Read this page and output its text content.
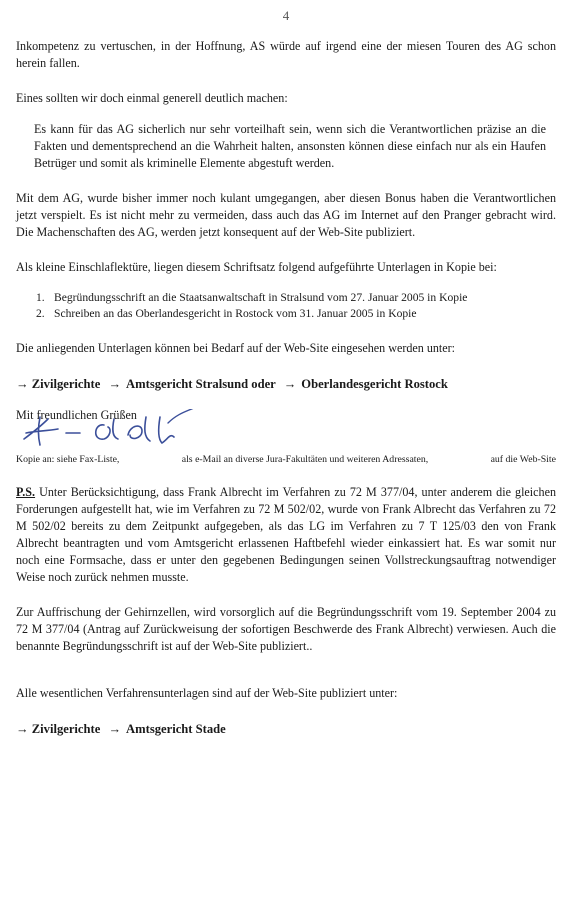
4

Inkompetenz zu vertuschen, in der Hoffnung, AS würde auf irgend eine der miesen Touren des AG schon herein fallen.

Eines sollten wir doch einmal generell deutlich machen:

Es kann für das AG sicherlich nur sehr vorteilhaft sein, wenn sich die Verantwortlichen präzise an die Fakten und dementsprechend an die Wahrheit halten, ansonsten können diese einfach nur als ein Haufen Betrüger und somit als kriminelle Elemente abgestuft werden.

Mit dem AG, wurde bisher immer noch kulant umgegangen, aber diesen Bonus haben die Verantwortlichen jetzt verspielt. Es ist nicht mehr zu vermeiden, dass auch das AG im Internet auf den Pranger gebracht wird. Die Machenschaften des AG, werden jetzt konsequent auf der Web-Site publiziert.

Als kleine Einschlaflektüre, liegen diesem Schriftsatz folgend aufgeführte Unterlagen in Kopie bei:

1. Begründungsschrift an die Staatsanwaltschaft in Stralsund vom 27. Januar 2005 in Kopie
2. Schreiben an das Oberlandesgericht in Rostock vom 31. Januar 2005 in Kopie

Die anliegenden Unterlagen können bei Bedarf auf der Web-Site eingesehen werden unter:

→ Zivilgerichte → Amtsgericht Stralsund oder → Oberlandesgericht Rostock

Mit freundlichen Grüßen

Kopie an: siehe Fax-Liste,	als e-Mail an diverse Jura-Fakultäten und weiteren Adressaten,	auf die Web-Site

P.S. Unter Berücksichtigung, dass Frank Albrecht im Verfahren zu 72 M 377/04, unter anderem die gleichen Forderungen aufgestellt hat, wie im Verfahren zu 72 M 502/02, wurde von Frank Albrecht das Verfahren zu 72 M 502/02 bereits zu dem Zeitpunkt aufgegeben, als das LG im Verfahren zu 7 T 125/03 den von Frank Albrecht beantragten und vom Amtsgericht erlassenen Haftbefehl wieder einkassiert hat. Es war somit nur noch eine Formsache, dass er unter den gegebenen Bedingungen seinen Vollstreckungsauftrag notwendiger Weise noch zurück nehmen musste.

Zur Auffrischung der Gehirnzellen, wird vorsorglich auf die Begründungsschrift vom 19. September 2004 zu 72 M 377/04 (Antrag auf Zurückweisung der sofortigen Beschwerde des Frank Albrecht) verwiesen. Auch die benannte Begründungsschrift ist auf der Web-Site publiziert..

Alle wesentlichen Verfahrensunterlagen sind auf der Web-Site publiziert unter:

→ Zivilgerichte → Amtsgericht Stade
